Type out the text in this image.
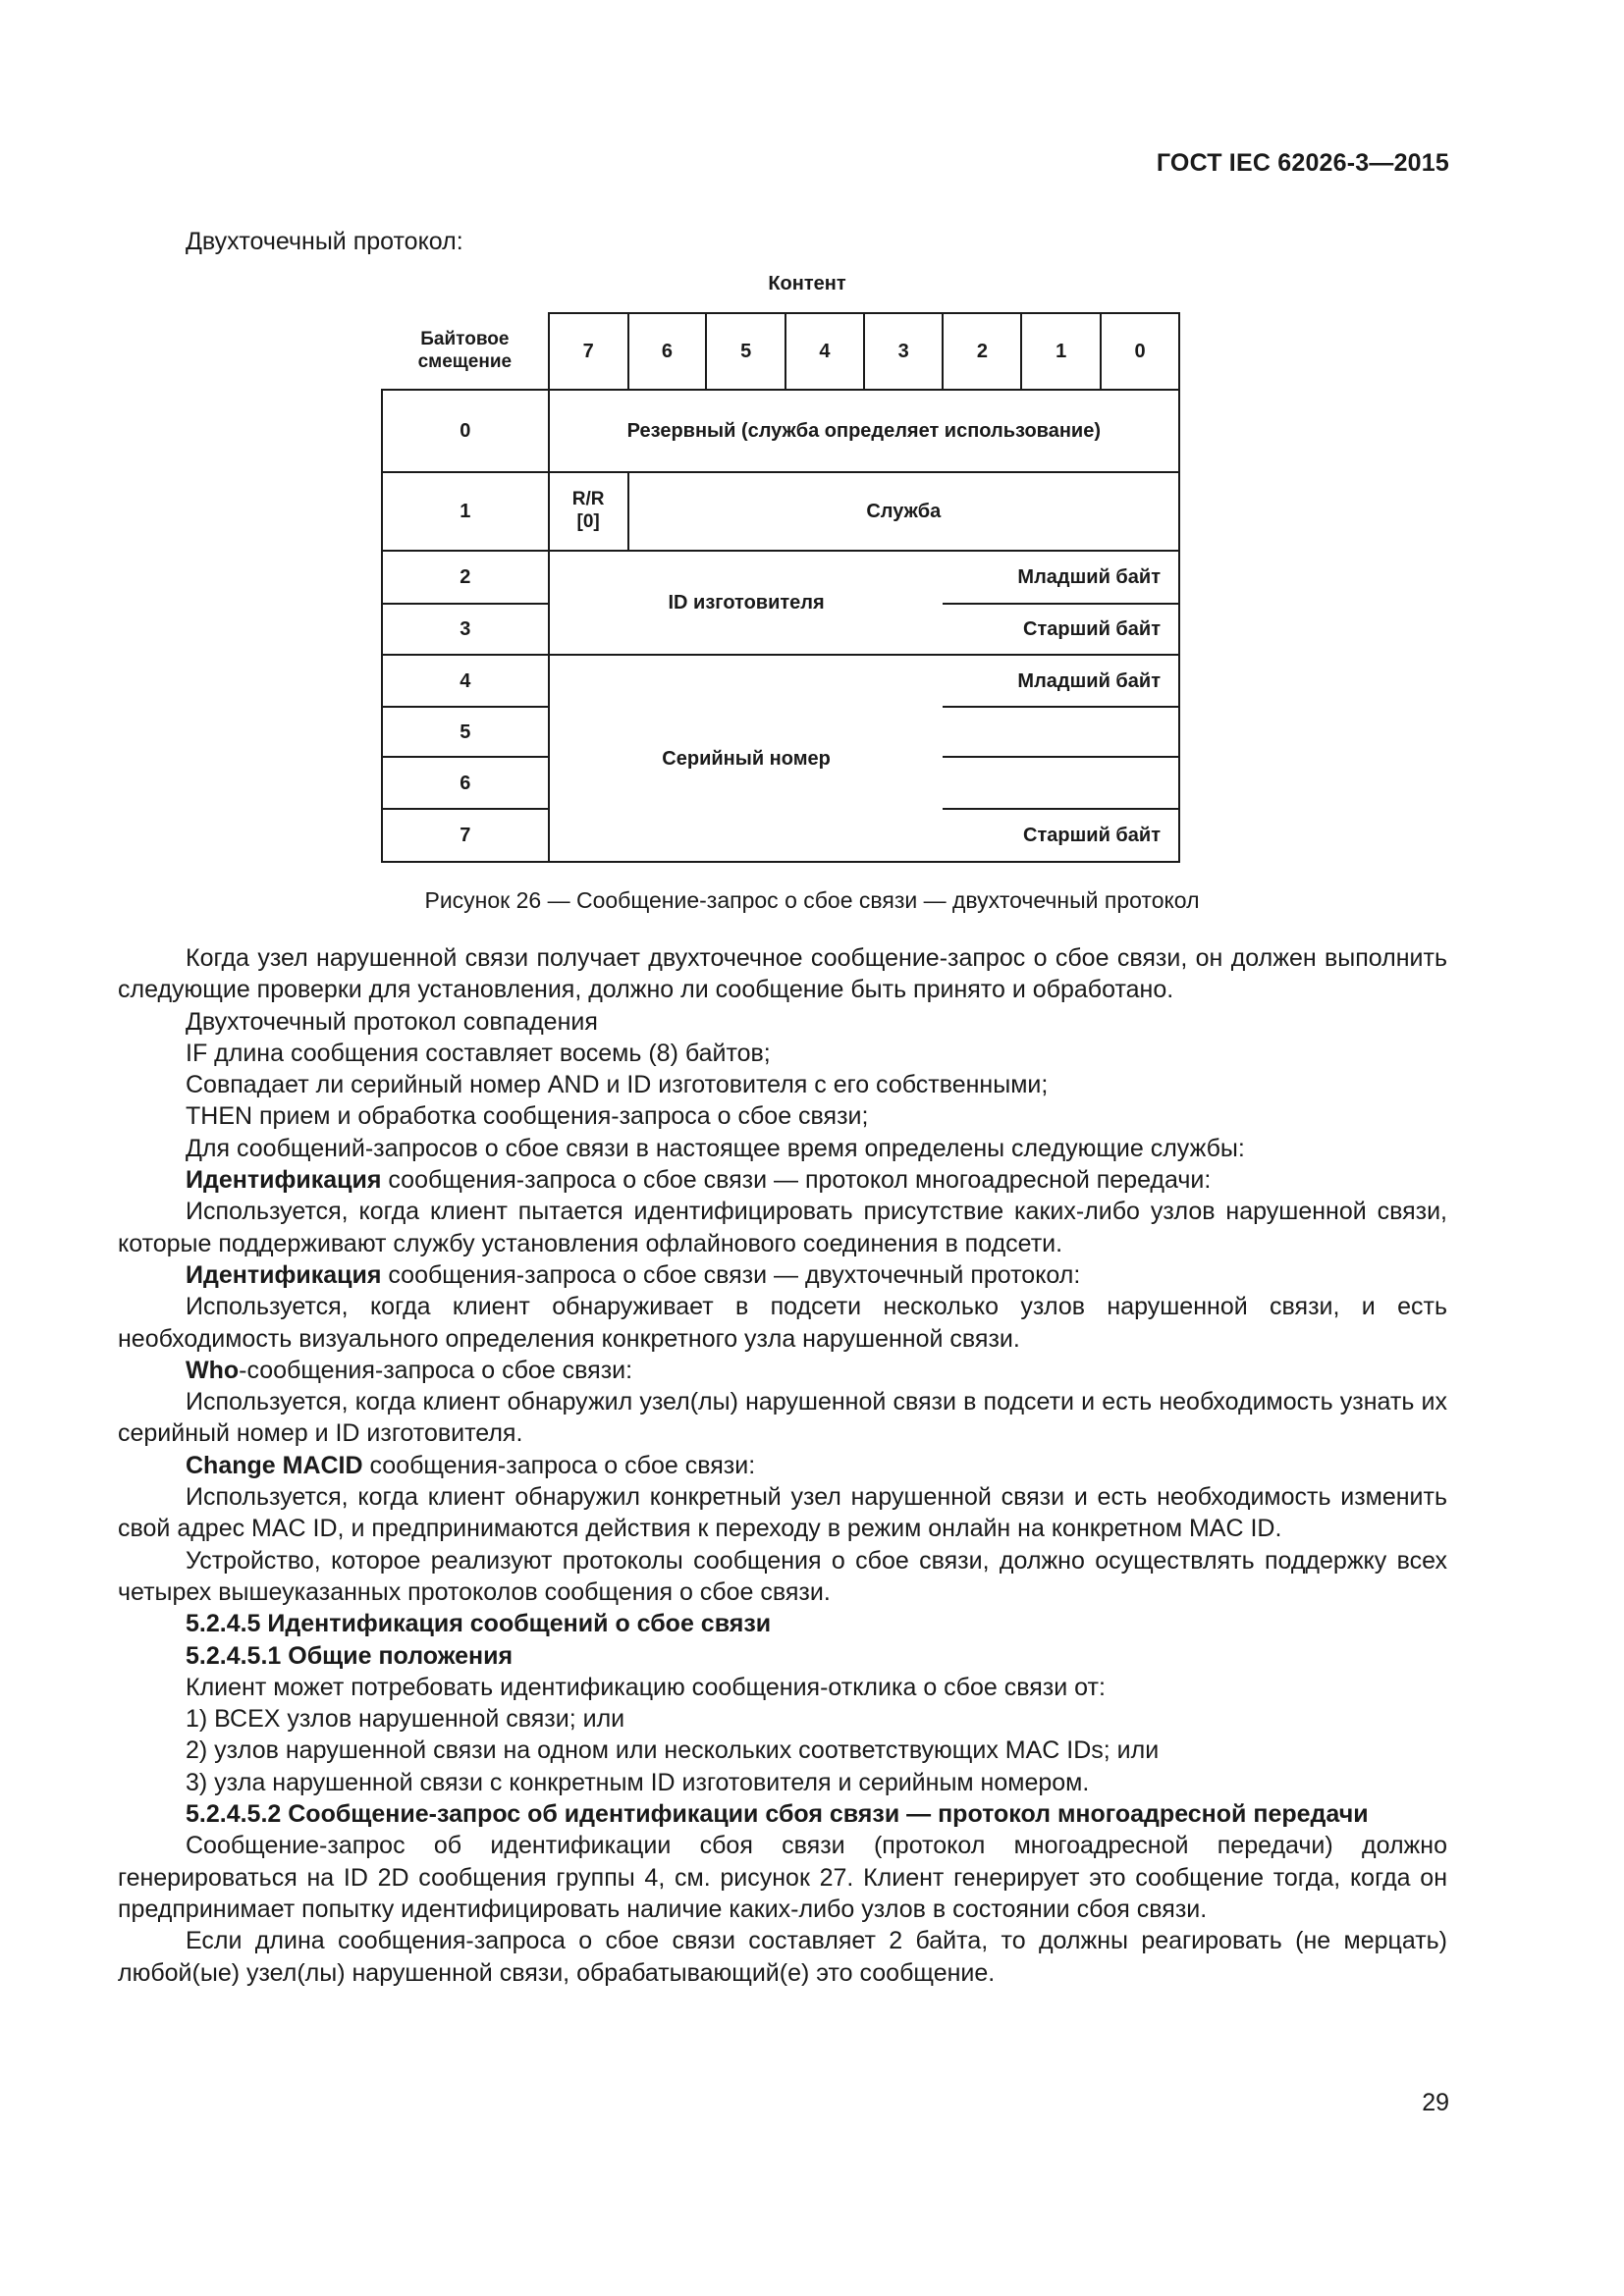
ГОСТ IEC 62026-3—2015
Двухточечный протокол:
Контент
Байтовое смещение	7	6	5	4	3	2	1	0
0	Резервный (служба определяет использование)							
1	R/R [0]	Служба						
2	ID изготовителя					Младший байт		
3						Старший байт		
4	Серийный номер					Младший байт		
5								
6								
7						Старший байт		
Рисунок 26 — Сообщение-запрос о сбое связи — двухточечный протокол

Когда узел нарушенной связи получает двухточечное сообщение-запрос о сбое связи, он должен выполнить следующие проверки для установления, должно ли сообщение быть принято и обработано.

Двухточечный протокол совпадения

IF длина сообщения составляет восемь (8) байтов;

Совпадает ли серийный номер AND и ID изготовителя с его собственными;

THEN прием и обработка сообщения-запроса о сбое связи;

Для сообщений-запросов о сбое связи в настоящее время определены следующие службы:

Идентификация сообщения-запроса о сбое связи — протокол многоадресной передачи:

Используется, когда клиент пытается идентифицировать присутствие каких-либо узлов нарушенной связи, которые поддерживают службу установления офлайнового соединения в подсети.

Идентификация сообщения-запроса о сбое связи — двухточечный протокол:

Используется, когда клиент обнаруживает в подсети несколько узлов нарушенной связи, и есть необходимость визуального определения конкретного узла нарушенной связи.

Who-сообщения-запроса о сбое связи:

Используется, когда клиент обнаружил узел(лы) нарушенной связи в подсети и есть необходимость узнать их серийный номер и ID изготовителя.

Change MACID сообщения-запроса о сбое связи:

Используется, когда клиент обнаружил конкретный узел нарушенной связи и есть необходимость изменить свой адрес MAC ID, и предпринимаются действия к переходу в режим онлайн на конкретном MAC ID.

Устройство, которое реализуют протоколы сообщения о сбое связи, должно осуществлять поддержку всех четырех вышеуказанных протоколов сообщения о сбое связи.

5.2.4.5 Идентификация сообщений о сбое связи

5.2.4.5.1 Общие положения

Клиент может потребовать идентификацию сообщения-отклика о сбое связи от:

1) ВСЕХ узлов нарушенной связи; или

2) узлов нарушенной связи на одном или нескольких соответствующих MAC IDs; или

3) узла нарушенной связи с конкретным ID изготовителя и серийным номером.

5.2.4.5.2 Сообщение-запрос об идентификации сбоя связи — протокол многоадресной передачи

Сообщение-запрос об идентификации сбоя связи (протокол многоадресной передачи) должно генерироваться на ID 2D сообщения группы 4, см. рисунок 27. Клиент генерирует это сообщение тогда, когда он предпринимает попытку идентифицировать наличие каких-либо узлов в состоянии сбоя связи.

Если длина сообщения-запроса о сбое связи составляет 2 байта, то должны реагировать (не мерцать) любой(ые) узел(лы) нарушенной связи, обрабатывающий(е) это сообщение.

29
